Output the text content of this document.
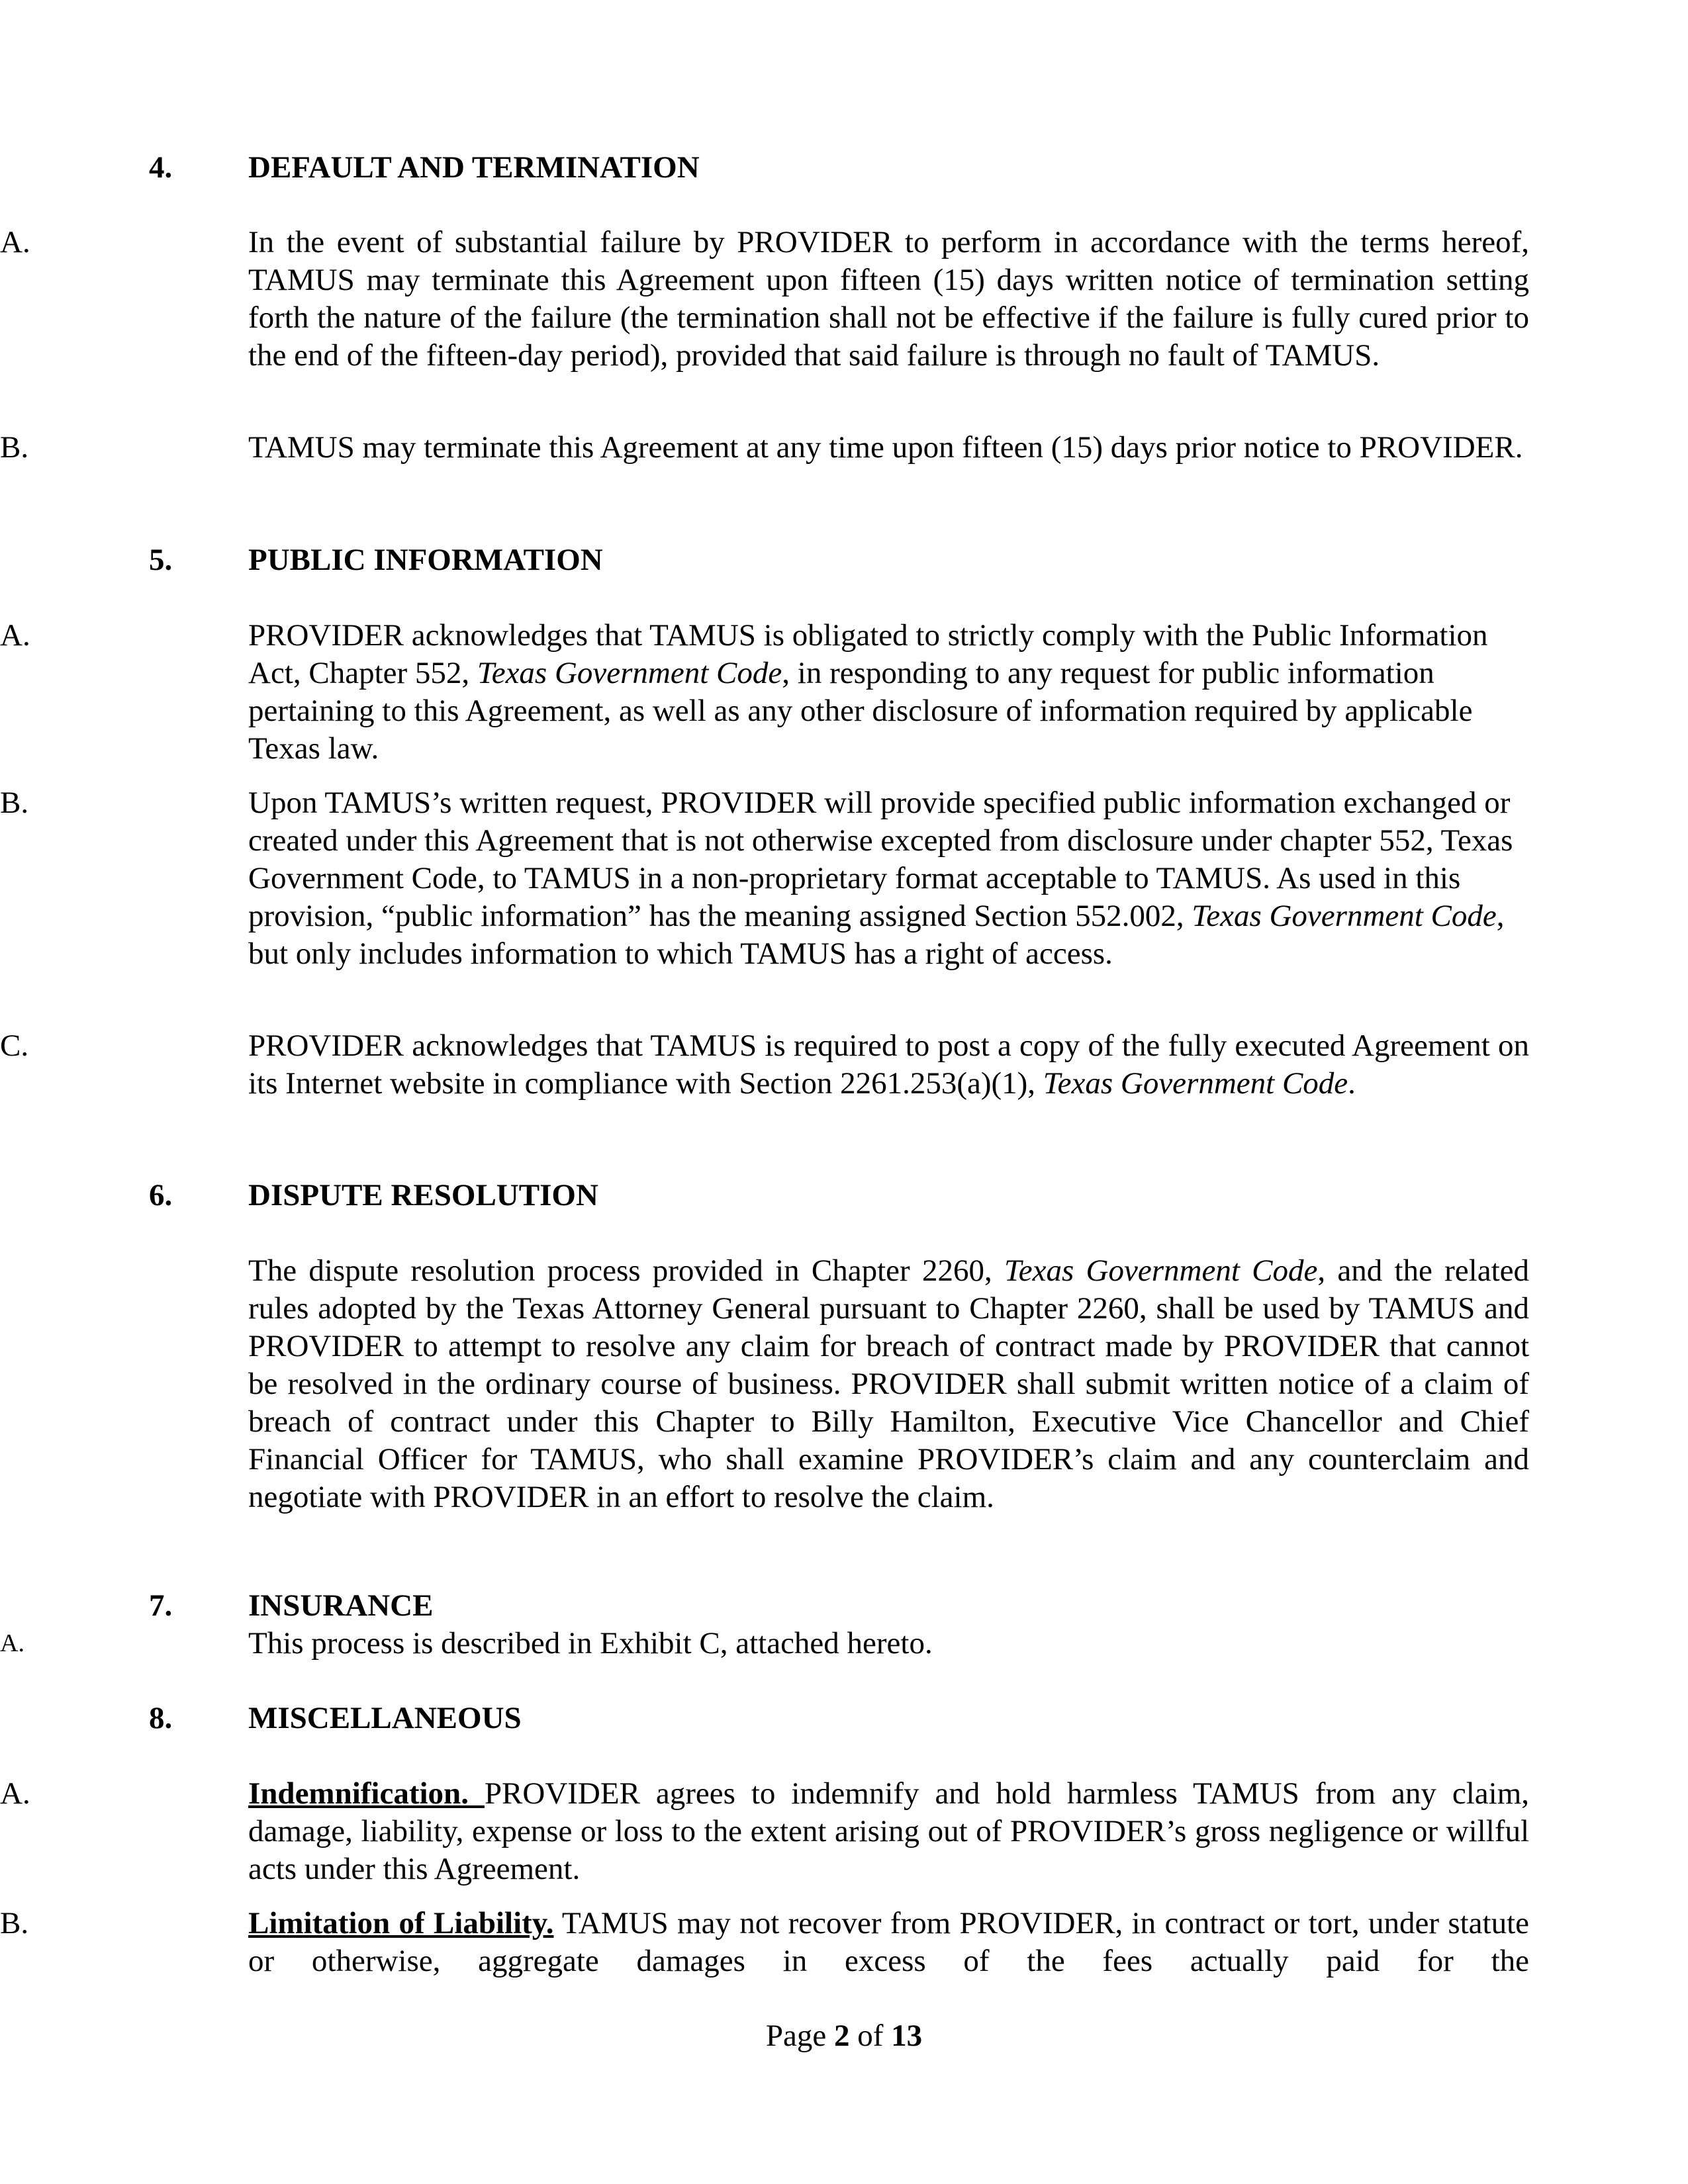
4. DEFAULT AND TERMINATION
A.	In the event of substantial failure by PROVIDER to perform in accordance with the terms hereof, TAMUS may terminate this Agreement upon fifteen (15) days written notice of termination setting forth the nature of the failure (the termination shall not be effective if the failure is fully cured prior to the end of the fifteen-day period), provided that said failure is through no fault of TAMUS.
B.	TAMUS may terminate this Agreement at any time upon fifteen (15) days prior notice to PROVIDER.
5. PUBLIC INFORMATION
A.	PROVIDER acknowledges that TAMUS is obligated to strictly comply with the Public Information Act, Chapter 552, Texas Government Code, in responding to any request for public information pertaining to this Agreement, as well as any other disclosure of information required by applicable Texas law.
B.	Upon TAMUS’s written request, PROVIDER will provide specified public information exchanged or created under this Agreement that is not otherwise excepted from disclosure under chapter 552, Texas Government Code, to TAMUS in a non-proprietary format acceptable to TAMUS. As used in this provision, “public information” has the meaning assigned Section 552.002, Texas Government Code, but only includes information to which TAMUS has a right of access.
C.	PROVIDER acknowledges that TAMUS is required to post a copy of the fully executed Agreement on its Internet website in compliance with Section 2261.253(a)(1), Texas Government Code.
6. DISPUTE RESOLUTION
The dispute resolution process provided in Chapter 2260, Texas Government Code, and the related rules adopted by the Texas Attorney General pursuant to Chapter 2260, shall be used by TAMUS and PROVIDER to attempt to resolve any claim for breach of contract made by PROVIDER that cannot be resolved in the ordinary course of business. PROVIDER shall submit written notice of a claim of breach of contract under this Chapter to Billy Hamilton, Executive Vice Chancellor and Chief Financial Officer for TAMUS, who shall examine PROVIDER’s claim and any counterclaim and negotiate with PROVIDER in an effort to resolve the claim.
7. INSURANCE
A.	This process is described in Exhibit C, attached hereto.
8. MISCELLANEOUS
A.	Indemnification. PROVIDER agrees to indemnify and hold harmless TAMUS from any claim, damage, liability, expense or loss to the extent arising out of PROVIDER’s gross negligence or willful acts under this Agreement.
B.	Limitation of Liability. TAMUS may not recover from PROVIDER, in contract or tort, under statute or otherwise, aggregate damages in excess of the fees actually paid for the
Page 2 of 13
